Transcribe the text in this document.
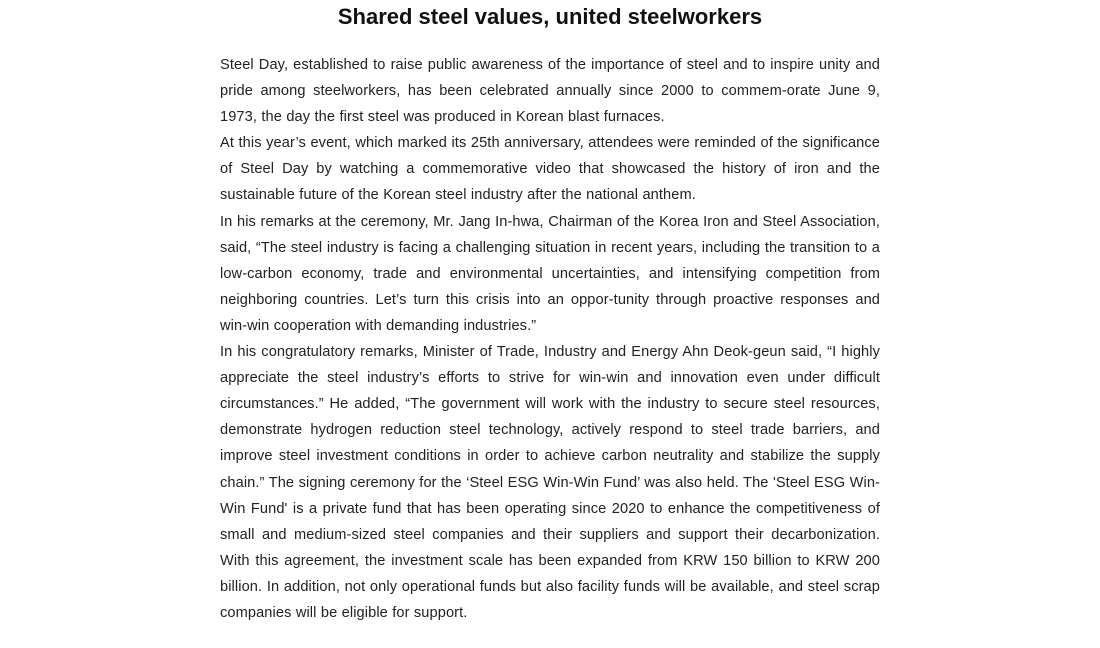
Shared steel values, united steelworkers

Steel Day, established to raise public awareness of the importance of steel and to inspire unity and pride among steelworkers, has been celebrated annually since 2000 to commem-orate June 9, 1973, the day the first steel was produced in Korean blast furnaces.

At this year’s event, which marked its 25th anniversary, attendees were reminded of the significance of Steel Day by watching a commemorative video that showcased the history of iron and the sustainable future of the Korean steel industry after the national anthem.

In his remarks at the ceremony, Mr. Jang In-hwa, Chairman of the Korea Iron and Steel Association, said, “The steel industry is facing a challenging situation in recent years, including the transition to a low-carbon economy, trade and environmental uncertainties, and intensifying competition from neighboring countries. Let’s turn this crisis into an oppor-tunity through proactive responses and win-win cooperation with demanding industries.”

In his congratulatory remarks, Minister of Trade, Industry and Energy Ahn Deok-geun said, “I highly appreciate the steel industry’s efforts to strive for win-win and innovation even under difficult circumstances.” He added, “The government will work with the industry to secure steel resources, demonstrate hydrogen reduction steel technology, actively respond to steel trade barriers, and improve steel investment conditions in order to achieve carbon neutrality and stabilize the supply chain.” The signing ceremony for the ‘Steel ESG Win-Win Fund’ was also held. The 'Steel ESG Win-Win Fund' is a private fund that has been operating since 2020 to enhance the competitiveness of small and medium-sized steel companies and their suppliers and support their decarbonization. With this agreement, the investment scale has been expanded from KRW 150 billion to KRW 200 billion. In addition, not only operational funds but also facility funds will be available, and steel scrap companies will be eligible for support.
